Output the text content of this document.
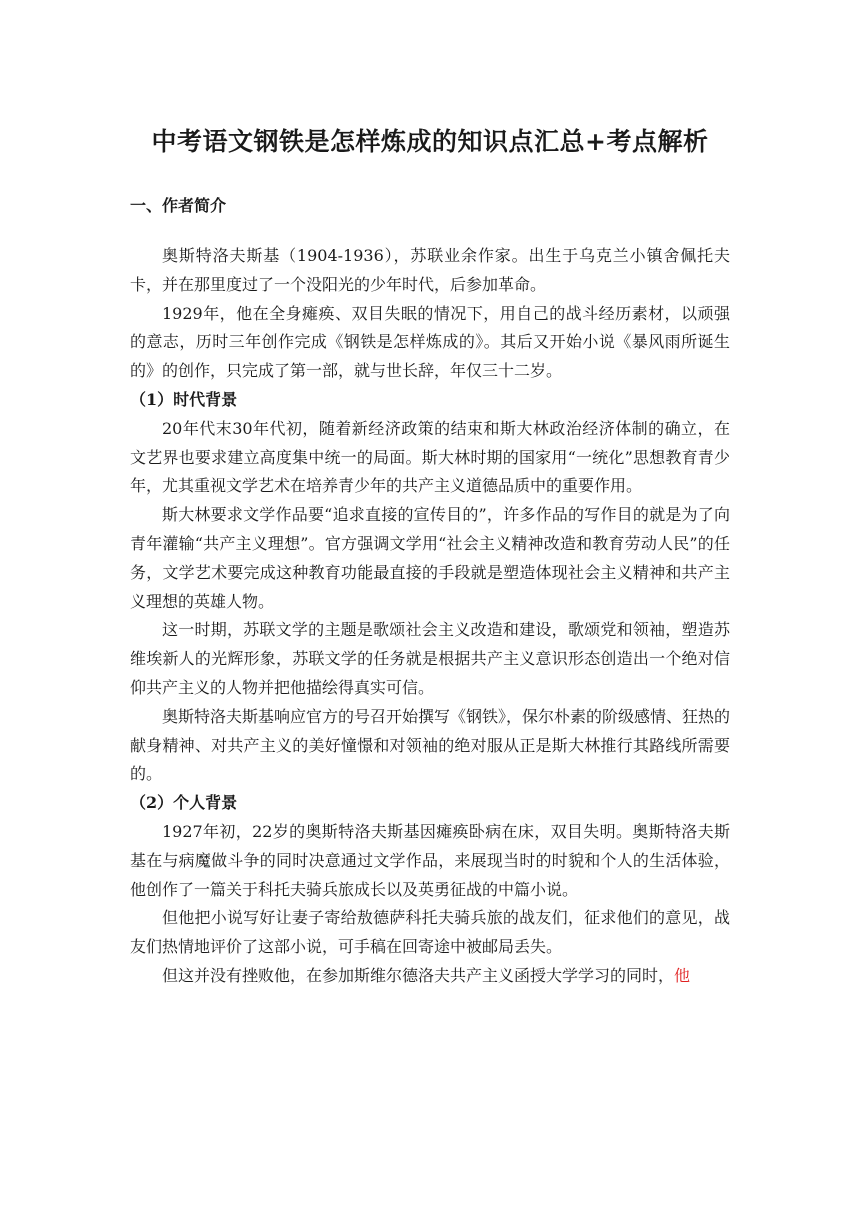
中考语文钢铁是怎样炼成的知识点汇总+考点解析
一、作者简介

奥斯特洛夫斯基（1904-1936），苏联业余作家。出生于乌克兰小镇舍佩托夫卡，并在那里度过了一个没阳光的少年时代，后参加革命。

1929年，他在全身瘫痪、双目失眠的情况下，用自己的战斗经历素材，以顽强的意志，历时三年创作完成《钢铁是怎样炼成的》。其后又开始小说《暴风雨所诞生的》的创作，只完成了第一部，就与世长辞，年仅三十二岁。

（1）时代背景

20年代末30年代初，随着新经济政策的结束和斯大林政治经济体制的确立，在文艺界也要求建立高度集中统一的局面。斯大林时期的国家用“一统化”思想教育青少年，尤其重视文学艺术在培养青少年的共产主义道德品质中的重要作用。

斯大林要求文学作品要“追求直接的宣传目的”，许多作品的写作目的就是为了向青年灌输“共产主义理想”。官方强调文学用“社会主义精神改造和教育劳动人民”的任务，文学艺术要完成这种教育功能最直接的手段就是塑造体现社会主义精神和共产主义理想的英雄人物。

这一时期，苏联文学的主题是歌颂社会主义改造和建设，歌颂党和领袖，塑造苏维埃新人的光辉形象，苏联文学的任务就是根据共产主义意识形态创造出一个绝对信仰共产主义的人物并把他描绘得真实可信。

奥斯特洛夫斯基响应官方的号召开始撰写《钢铁》，保尔朴素的阶级感情、狂热的献身精神、对共产主义的美好憧憬和对领袖的绝对服从正是斯大林推行其路线所需要的。

（2）个人背景

1927年初，22岁的奥斯特洛夫斯基因瘫痪卧病在床，双目失明。奥斯特洛夫斯基在与病魔做斗争的同时决意通过文学作品，来展现当时的时貌和个人的生活体验，他创作了一篇关于科托夫骑兵旅成长以及英勇征战的中篇小说。

但他把小说写好让妻子寄给敖德萨科托夫骑兵旅的战友们，征求他们的意见，战友们热情地评价了这部小说，可手稿在回寄途中被邮局丢失。

但这并没有挫败他，在参加斯维尔德洛夫共产主义函授大学学习的同时，他
